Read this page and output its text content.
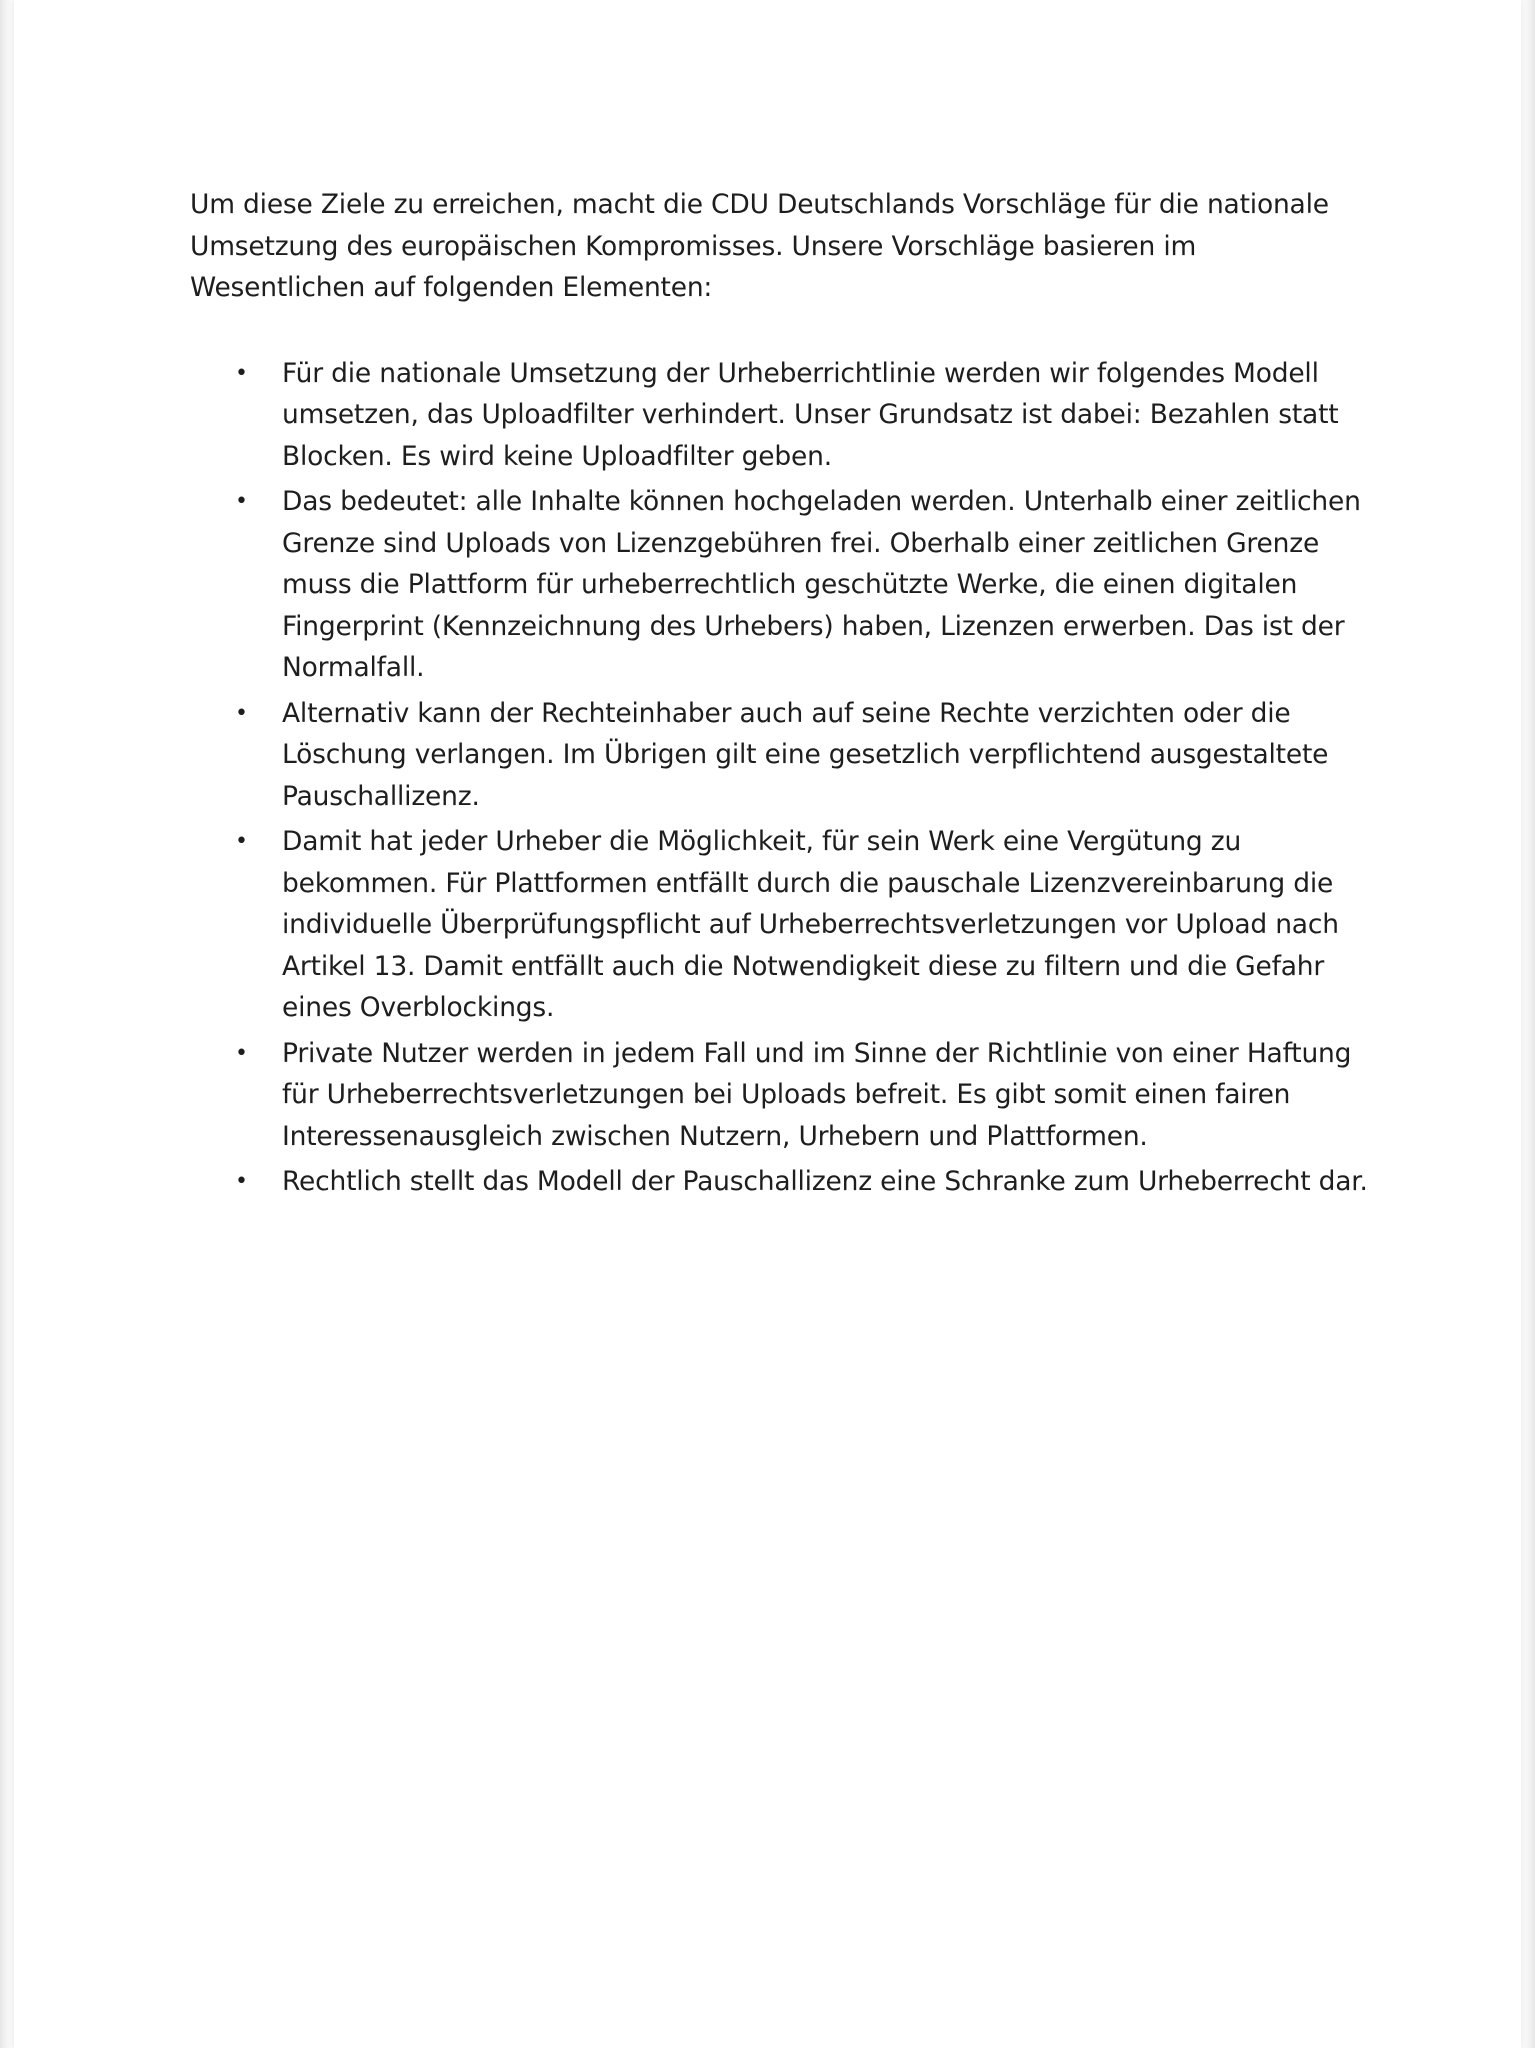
Um diese Ziele zu erreichen, macht die CDU Deutschlands Vorschläge für die nationale Umsetzung des europäischen Kompromisses. Unsere Vorschläge basieren im Wesentlichen auf folgenden Elementen:

• Für die nationale Umsetzung der Urheberrichtlinie werden wir folgendes Modell umsetzen, das Uploadfilter verhindert. Unser Grundsatz ist dabei: Bezahlen statt Blocken. Es wird keine Uploadfilter geben.
• Das bedeutet: alle Inhalte können hochgeladen werden. Unterhalb einer zeitlichen Grenze sind Uploads von Lizenzgebühren frei. Oberhalb einer zeitlichen Grenze muss die Plattform für urheberrechtlich geschützte Werke, die einen digitalen Fingerprint (Kennzeichnung des Urhebers) haben, Lizenzen erwerben. Das ist der Normalfall.
• Alternativ kann der Rechteinhaber auch auf seine Rechte verzichten oder die Löschung verlangen. Im Übrigen gilt eine gesetzlich verpflichtend ausgestaltete Pauschallizenz.
• Damit hat jeder Urheber die Möglichkeit, für sein Werk eine Vergütung zu bekommen. Für Plattformen entfällt durch die pauschale Lizenzvereinbarung die individuelle Überprüfungspflicht auf Urheberrechtsverletzungen vor Upload nach Artikel 13. Damit entfällt auch die Notwendigkeit diese zu filtern und die Gefahr eines Overblockings.
• Private Nutzer werden in jedem Fall und im Sinne der Richtlinie von einer Haftung für Urheberrechtsverletzungen bei Uploads befreit. Es gibt somit einen fairen Interessenausgleich zwischen Nutzern, Urhebern und Plattformen.
• Rechtlich stellt das Modell der Pauschallizenz eine Schranke zum Urheberrecht dar.
